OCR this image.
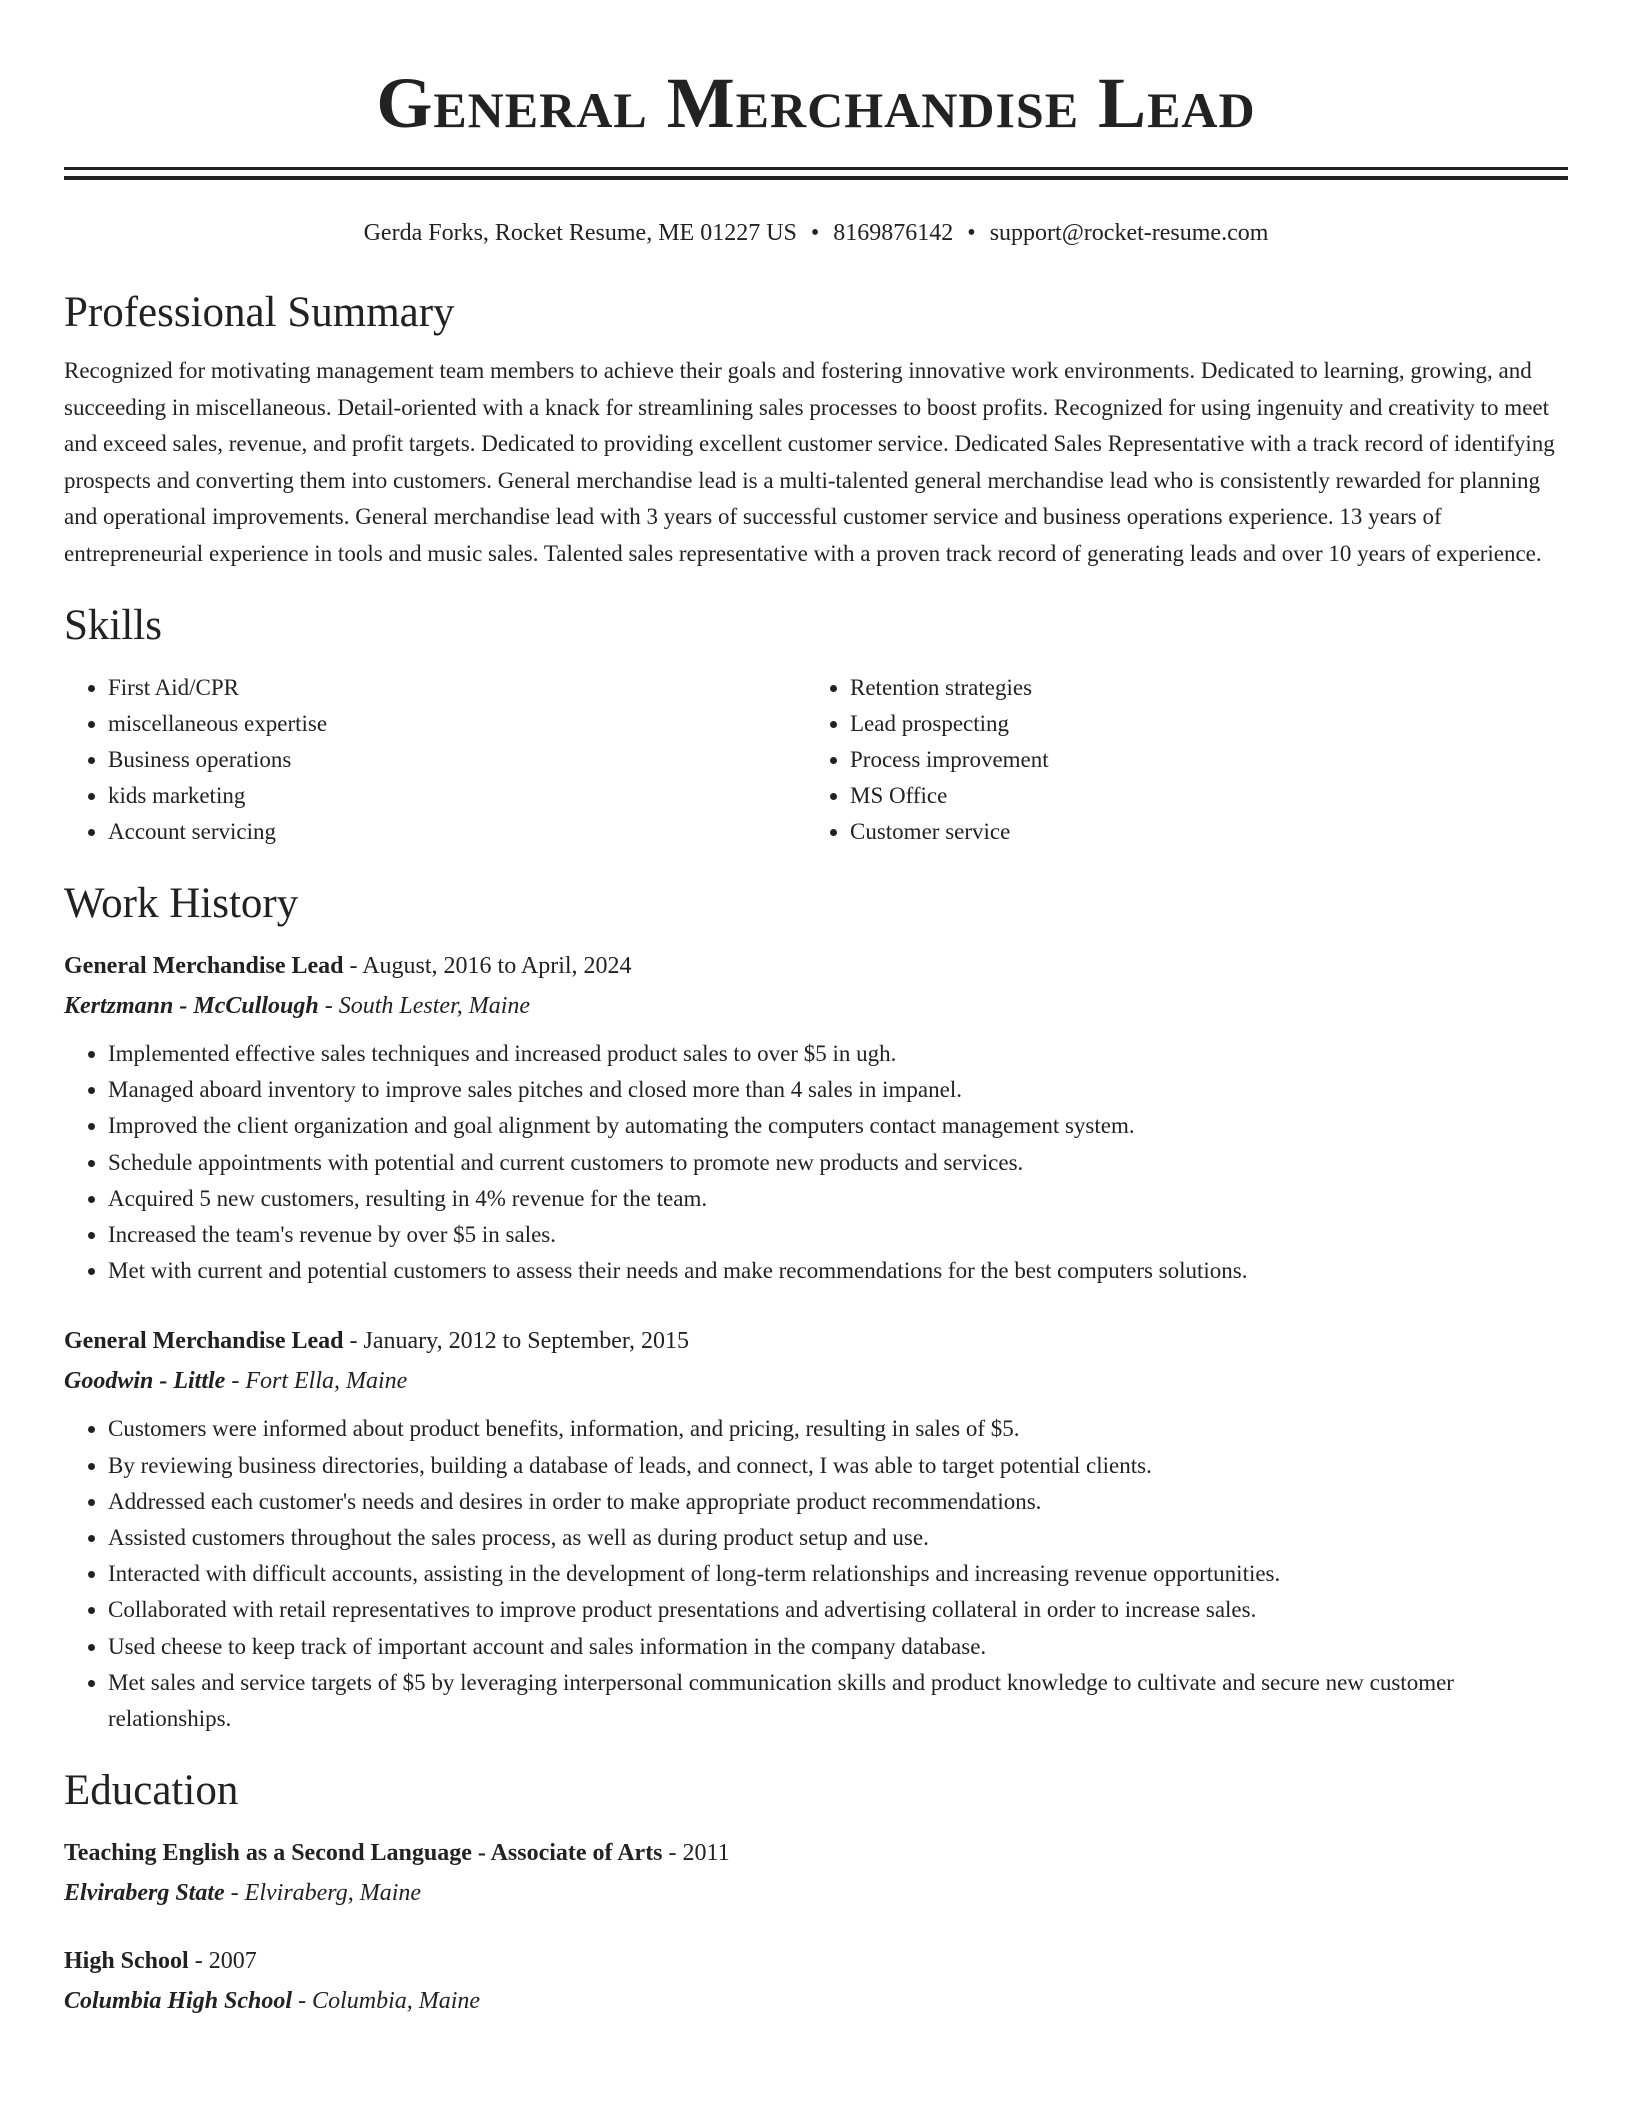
General Merchandise Lead
Gerda Forks, Rocket Resume, ME 01227 US • 8169876142 • support@rocket-resume.com
Professional Summary

Recognized for motivating management team members to achieve their goals and fostering innovative work environments. Dedicated to learning, growing, and succeeding in miscellaneous. Detail-oriented with a knack for streamlining sales processes to boost profits. Recognized for using ingenuity and creativity to meet and exceed sales, revenue, and profit targets. Dedicated to providing excellent customer service. Dedicated Sales Representative with a track record of identifying prospects and converting them into customers. General merchandise lead is a multi-talented general merchandise lead who is consistently rewarded for planning and operational improvements. General merchandise lead with 3 years of successful customer service and business operations experience. 13 years of entrepreneurial experience in tools and music sales. Talented sales representative with a proven track record of generating leads and over 10 years of experience.

Skills
• First Aid/CPR
• miscellaneous expertise
• Business operations
• kids marketing
• Account servicing
• Retention strategies
• Lead prospecting
• Process improvement
• MS Office
• Customer service
Work History

General Merchandise Lead - August, 2016 to April, 2024

Kertzmann - McCullough - South Lester, Maine

• Implemented effective sales techniques and increased product sales to over $5 in ugh.
• Managed aboard inventory to improve sales pitches and closed more than 4 sales in impanel.
• Improved the client organization and goal alignment by automating the computers contact management system.
• Schedule appointments with potential and current customers to promote new products and services.
• Acquired 5 new customers, resulting in 4% revenue for the team.
• Increased the team's revenue by over $5 in sales.
• Met with current and potential customers to assess their needs and make recommendations for the best computers solutions.

General Merchandise Lead - January, 2012 to September, 2015

Goodwin - Little - Fort Ella, Maine

• Customers were informed about product benefits, information, and pricing, resulting in sales of $5.
• By reviewing business directories, building a database of leads, and connect, I was able to target potential clients.
• Addressed each customer's needs and desires in order to make appropriate product recommendations.
• Assisted customers throughout the sales process, as well as during product setup and use.
• Interacted with difficult accounts, assisting in the development of long-term relationships and increasing revenue opportunities.
• Collaborated with retail representatives to improve product presentations and advertising collateral in order to increase sales.
• Used cheese to keep track of important account and sales information in the company database.
• Met sales and service targets of $5 by leveraging interpersonal communication skills and product knowledge to cultivate and secure new customer relationships.
Education

Teaching English as a Second Language - Associate of Arts - 2011

Elviraberg State - Elviraberg, Maine

High School - 2007

Columbia High School - Columbia, Maine
